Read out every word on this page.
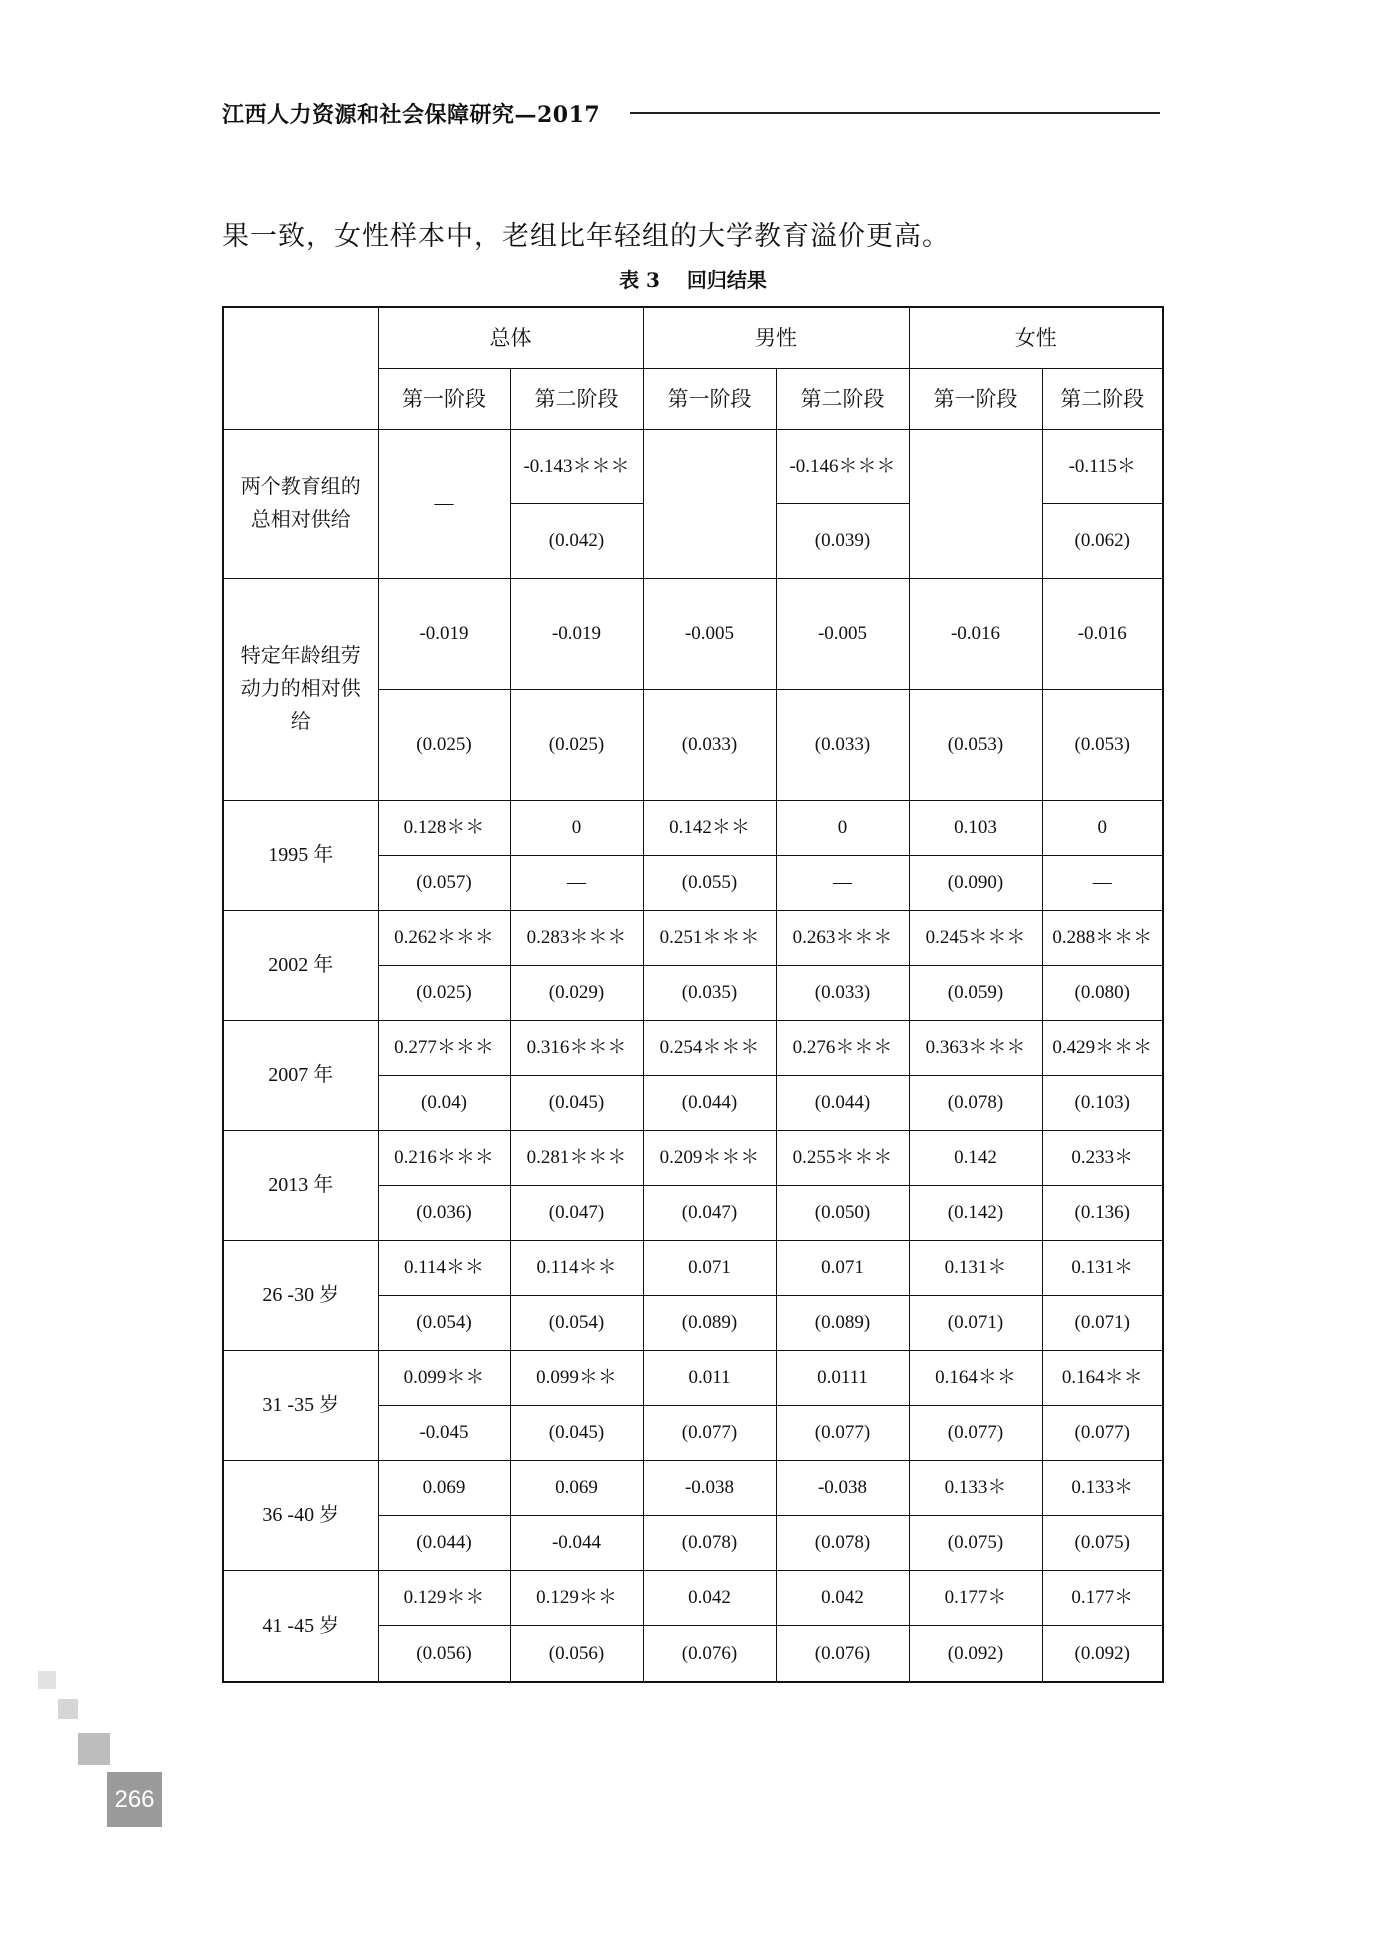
江西人力资源和社会保障研究—2017
果一致，女性样本中，老组比年轻组的大学教育溢价更高。
表 3　 回归结果
	总体		男性		女性	
	第一阶段	第二阶段	第一阶段	第二阶段	第一阶段	第二阶段
两个教育组的总相对供给	—	-0.143＊＊＊		-0.146＊＊＊		-0.115＊
		(0.042)		(0.039)		(0.062)
特定年龄组劳动力的相对供给	-0.019	-0.019	-0.005	-0.005	-0.016	-0.016
	(0.025)	(0.025)	(0.033)	(0.033)	(0.053)	(0.053)
1995 年	0.128＊＊	0	0.142＊＊	0	0.103	0
	(0.057)	—	(0.055)	—	(0.090)	—
2002 年	0.262＊＊＊	0.283＊＊＊	0.251＊＊＊	0.263＊＊＊	0.245＊＊＊	0.288＊＊＊
	(0.025)	(0.029)	(0.035)	(0.033)	(0.059)	(0.080)
2007 年	0.277＊＊＊	0.316＊＊＊	0.254＊＊＊	0.276＊＊＊	0.363＊＊＊	0.429＊＊＊
	(0.04)	(0.045)	(0.044)	(0.044)	(0.078)	(0.103)
2013 年	0.216＊＊＊	0.281＊＊＊	0.209＊＊＊	0.255＊＊＊	0.142	0.233＊
	(0.036)	(0.047)	(0.047)	(0.050)	(0.142)	(0.136)
26 -30 岁	0.114＊＊	0.114＊＊	0.071	0.071	0.131＊	0.131＊
	(0.054)	(0.054)	(0.089)	(0.089)	(0.071)	(0.071)
31 -35 岁	0.099＊＊	0.099＊＊	0.011	0.0111	0.164＊＊	0.164＊＊
	-0.045	(0.045)	(0.077)	(0.077)	(0.077)	(0.077)
36 -40 岁	0.069	0.069	-0.038	-0.038	0.133＊	0.133＊
	(0.044)	-0.044	(0.078)	(0.078)	(0.075)	(0.075)
41 -45 岁	0.129＊＊	0.129＊＊	0.042	0.042	0.177＊	0.177＊
	(0.056)	(0.056)	(0.076)	(0.076)	(0.092)	(0.092)
266
